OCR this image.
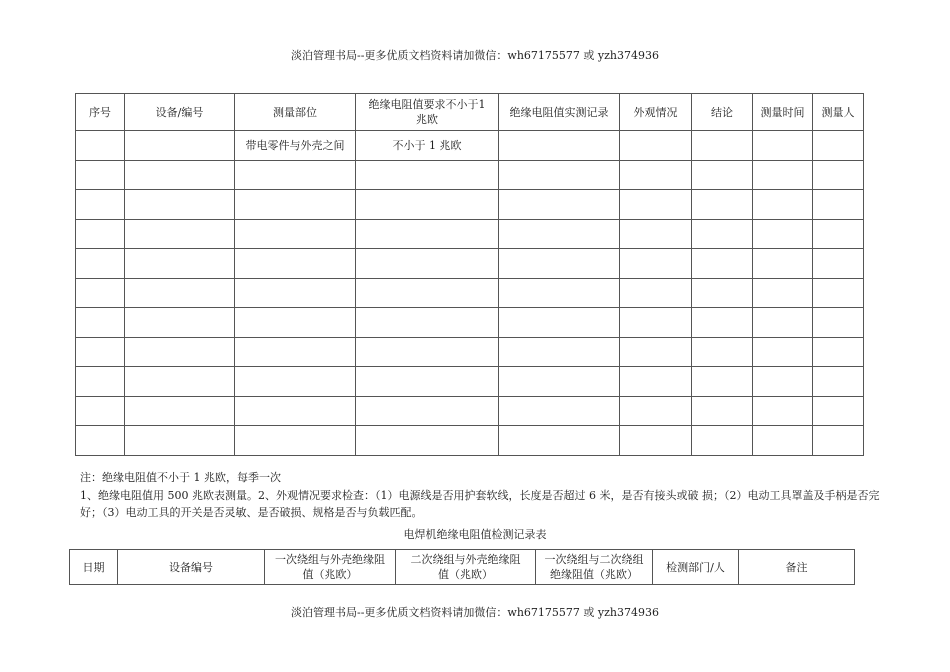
淡泊管理书局--更多优质文档资料请加微信：wh67175577 或 yzh374936
序号	设备/编号	测量部位	绝缘电阻值要求不小于1兆欧	绝缘电阻值实测记录	外观情况	结论	测量时间	测量人
		带电零件与外壳之间	不小于 1 兆欧					

注：绝缘电阻值不小于 1 兆欧，每季一次
1、绝缘电阻值用 500 兆欧表测量。2、外观情况要求检查：（1）电源线是否用护套软线，长度是否超过 6 米，是否有接头或破 损；（2）电动工具罩盖及手柄是否完好；（3）电动工具的开关是否灵敏、是否破损、规格是否与负载匹配。
电焊机绝缘电阻值检测记录表
日期	设备编号	一次绕组与外壳绝缘阻值（兆欧）	二次绕组与外壳绝缘阻值（兆欧）	一次绕组与二次绕组绝缘阻值（兆欧）	检测部门/人	备注
淡泊管理书局--更多优质文档资料请加微信：wh67175577 或 yzh374936
